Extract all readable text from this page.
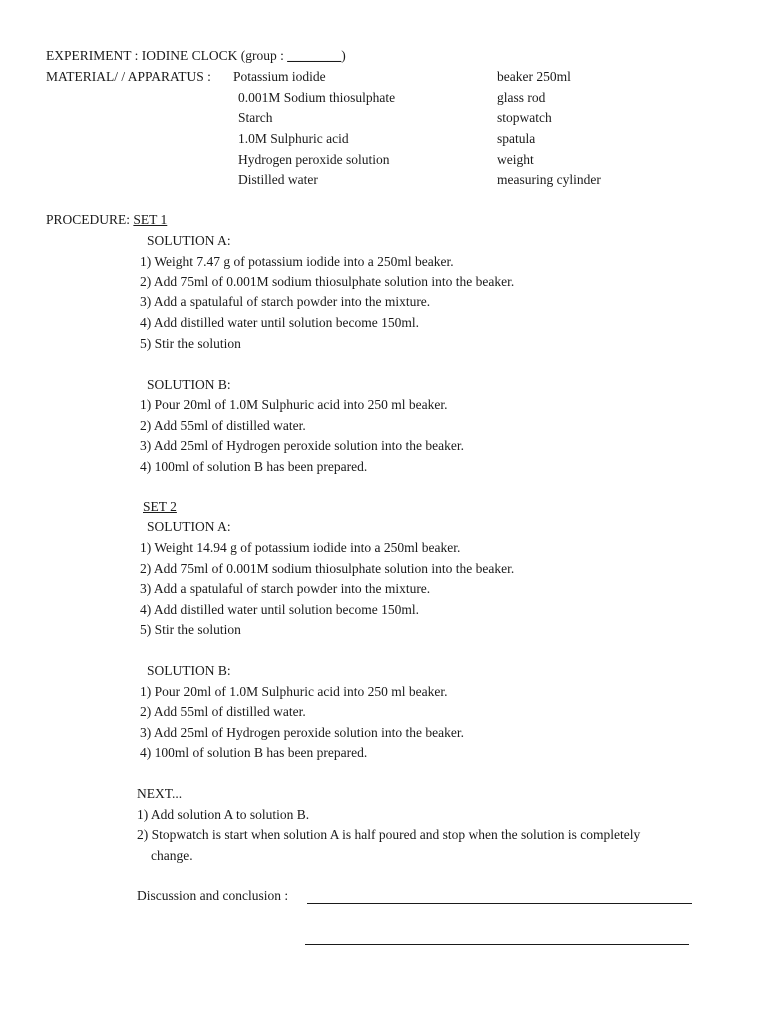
EXPERIMENT : IODINE CLOCK (group : ________)
MATERIAL/ / APPARATUS : Potassium iodide
0.001M Sodium thiosulphate
Starch
1.0M Sulphuric acid
Hydrogen peroxide solution
Distilled water
beaker 250ml
glass rod
stopwatch
spatula
weight
measuring cylinder
PROCEDURE: SET 1
SOLUTION A:
1) Weight 7.47 g of potassium iodide into a 250ml beaker.
2) Add 75ml of 0.001M sodium thiosulphate solution into the beaker.
3) Add a spatulaful of starch powder into the mixture.
4) Add distilled water until solution become 150ml.
5) Stir the solution
SOLUTION B:
1) Pour 20ml of 1.0M Sulphuric acid into 250 ml beaker.
2) Add 55ml of distilled water.
3) Add 25ml of Hydrogen peroxide solution into the beaker.
4) 100ml of solution B has been prepared.
SET 2
SOLUTION A:
1) Weight 14.94 g of potassium iodide into a 250ml beaker.
2) Add 75ml of 0.001M sodium thiosulphate solution into the beaker.
3) Add a spatulaful of starch powder into the mixture.
4) Add distilled water until solution become 150ml.
5) Stir the solution
SOLUTION B:
1) Pour 20ml of 1.0M Sulphuric acid into 250 ml beaker.
2) Add 55ml of distilled water.
3) Add 25ml of Hydrogen peroxide solution into the beaker.
4) 100ml of solution B has been prepared.
NEXT...
1) Add solution A to solution B.
2) Stopwatch is start when solution A is half poured and stop when the solution is completely
change.
Discussion and conclusion :
